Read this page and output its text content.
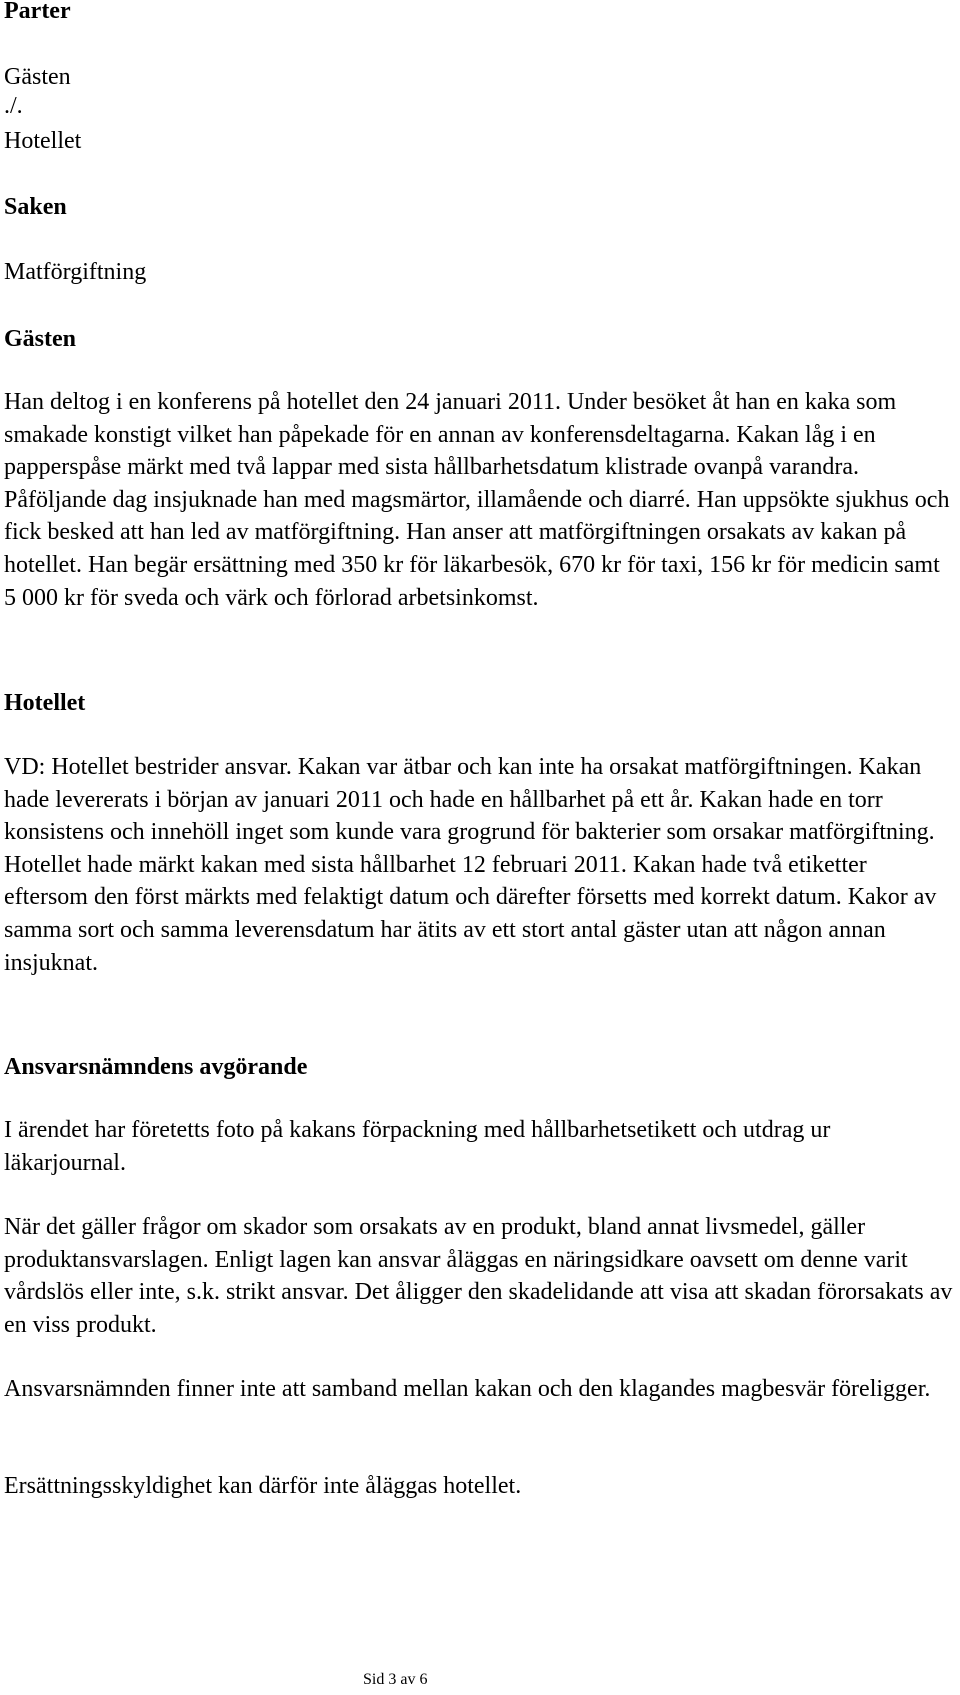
Parter

Gästen

./.

Hotellet

Saken

Matförgiftning

Gästen

Han deltog i en konferens på hotellet den 24 januari 2011. Under besöket åt han en kaka som smakade konstigt vilket han påpekade för en annan av konferensdeltagarna. Kakan låg i en papperspåse märkt med två lappar med sista hållbarhetsdatum klistrade ovanpå varandra. Påföljande dag insjuknade han med magsmärtor, illamående och diarré. Han uppsökte sjukhus och fick besked att han led av matförgiftning. Han anser att matförgiftningen orsakats av kakan på hotellet. Han begär ersättning med 350 kr för läkarbesök, 670 kr för taxi, 156 kr för medicin samt 5 000 kr för sveda och värk och förlorad arbetsinkomst.

Hotellet

VD: Hotellet bestrider ansvar. Kakan var ätbar och kan inte ha orsakat matförgiftningen. Kakan hade levererats i början av januari 2011 och hade en hållbarhet på ett år. Kakan hade en torr konsistens och innehöll inget som kunde vara grogrund för bakterier som orsakar matförgiftning. Hotellet hade märkt kakan med sista hållbarhet 12 februari 2011. Kakan hade två etiketter eftersom den först märkts med felaktigt datum och därefter försetts med korrekt datum. Kakor av samma sort och samma leverensdatum har ätits av ett stort antal gäster utan att någon annan insjuknat.

Ansvarsnämndens avgörande

I ärendet har företetts foto på kakans förpackning med hållbarhetsetikett och utdrag ur läkarjournal.

När det gäller frågor om skador som orsakats av en produkt, bland annat livsmedel, gäller produktansvarslagen. Enligt lagen kan ansvar åläggas en näringsidkare oavsett om denne varit vårdslös eller inte, s.k. strikt ansvar. Det åligger den skadelidande att visa att skadan förorsakats av en viss produkt.

Ansvarsnämnden finner inte att samband mellan kakan och den klagandes magbesvär föreligger.

Ersättningsskyldighet kan därför inte åläggas hotellet.

Sid 3 av 6
